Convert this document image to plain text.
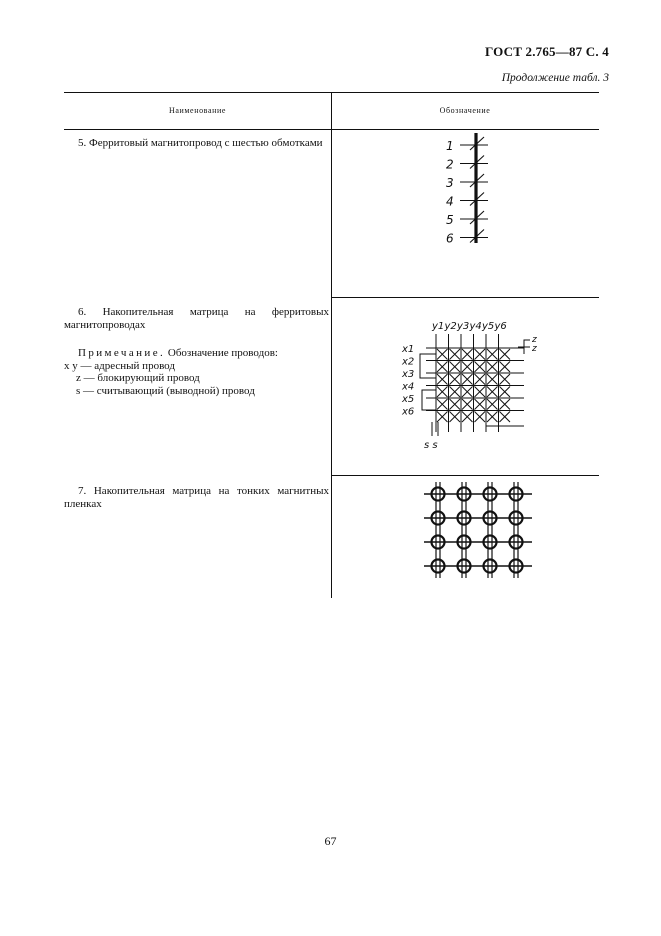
ГОСТ 2.765—87 С. 4
Продолжение табл. 3
Наименование	Обозначение
5. Ферритовый магнитопровод с шестью обмотками	1
2
3
4
5
6
6. Накопительная матрица на ферритовых магнитопроводах
Примечание. Обозначение проводов:
x y — адресный провод
z — блокирующий провод
s — считывающий (выводной) провод
y1 y2 y3 y4 y5 y6
x1
x2
x3
x4
x5
x6
z
z
s s
7. Накопительная матрица на тонких магнитных пленках
67
